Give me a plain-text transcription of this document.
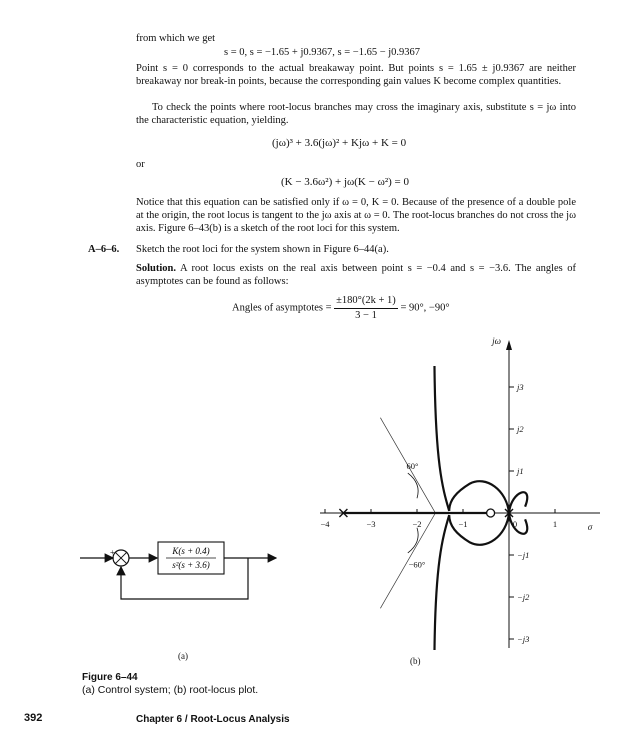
from which we get
s = 0, s = −1.65 + j0.9367, s = −1.65 − j0.9367

Point s = 0 corresponds to the actual breakaway point. But points s = 1.65 ± j0.9367 are neither breakaway nor break-in points, because the corresponding gain values K become complex quantities.

To check the points where root-locus branches may cross the imaginary axis, substitute s = jω into the characteristic equation, yielding.

(jω)³ + 3.6(jω)² + Kjω + K = 0
or
(K − 3.6ω²) + jω(K − ω²) = 0

Notice that this equation can be satisfied only if ω = 0, K = 0. Because of the presence of a double pole at the origin, the root locus is tangent to the jω axis at ω = 0. The root-locus branches do not cross the jω axis. Figure 6–43(b) is a sketch of the root loci for this system.

A–6–6. Sketch the root loci for the system shown in Figure 6–44(a).

Solution. A root locus exists on the real axis between point s = −0.4 and s = −3.6. The angles of asymptotes can be found as follows:

Angles of asymptotes = $\frac{\pm 180^\circ(2k + 1)}{3 - 1} = 90^\circ$, −90°
+
−
K(s + 0.4)
s²(s + 3.6)
(a)
jω
σ
−4	−3	−2	−1	0	1
j3
j2
j1
−j1
−j2
−j3
60°
−60°
(b)
Figure 6–44
(a) Control system; (b) root-locus plot.
392	Chapter 6 / Root-Locus Analysis
